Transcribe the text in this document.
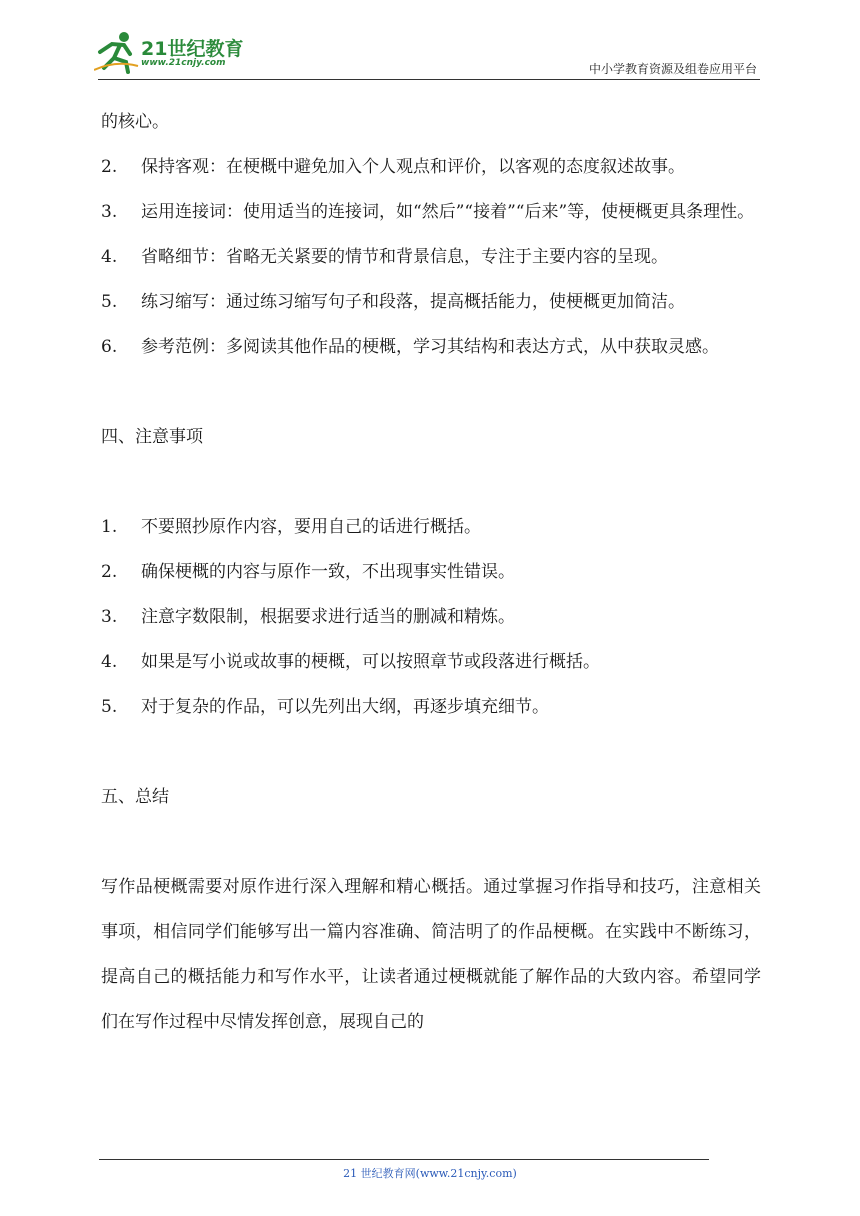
21世纪教育
www.21cnjy.com	中小学教育资源及组卷应用平台

的核心。

2.	保持客观：在梗概中避免加入个人观点和评价，以客观的态度叙述故事。
3.	运用连接词：使用适当的连接词，如“然后”“接着”“后来”等，使梗概更具条理性。
4.	省略细节：省略无关紧要的情节和背景信息，专注于主要内容的呈现。
5.	练习缩写：通过练习缩写句子和段落，提高概括能力，使梗概更加简洁。
6.	参考范例：多阅读其他作品的梗概，学习其结构和表达方式，从中获取灵感。

四、注意事项

1.	不要照抄原作内容，要用自己的话进行概括。
2.	确保梗概的内容与原作一致，不出现事实性错误。
3.	注意字数限制，根据要求进行适当的删减和精炼。
4.	如果是写小说或故事的梗概，可以按照章节或段落进行概括。
5.	对于复杂的作品，可以先列出大纲，再逐步填充细节。

五、总结

写作品梗概需要对原作进行深入理解和精心概括。通过掌握习作指导和技巧，注意相关事项，相信同学们能够写出一篇内容准确、简洁明了的作品梗概。在实践中不断练习，提高自己的概括能力和写作水平，让读者通过梗概就能了解作品的大致内容。希望同学们在写作过程中尽情发挥创意，展现自己的

21 世纪教育网(www.21cnjy.com)
